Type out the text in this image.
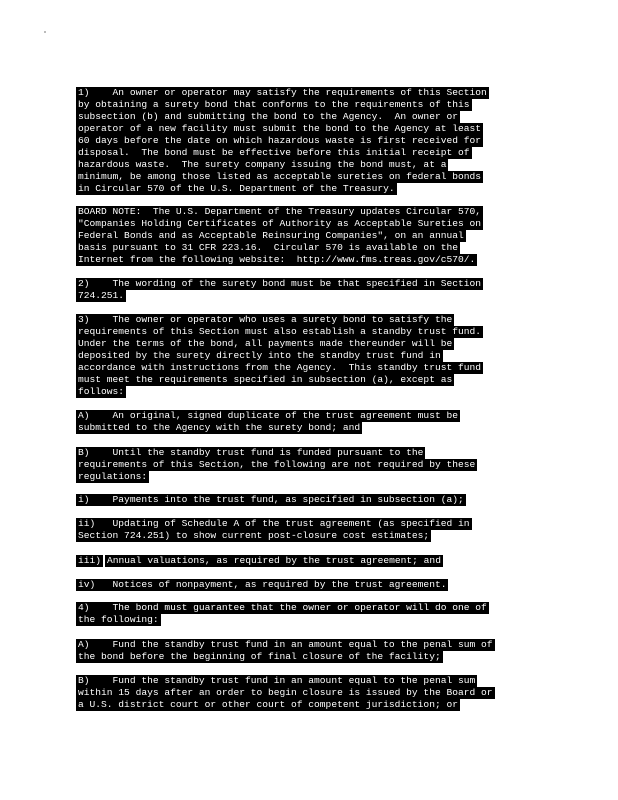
1)    An owner or operator may satisfy the requirements of this Section
by obtaining a surety bond that conforms to the requirements of this
subsection (b) and submitting the bond to the Agency.  An owner or
operator of a new facility must submit the bond to the Agency at least
60 days before the date on which hazardous waste is first received for
disposal.  The bond must be effective before this initial receipt of
hazardous waste.  The surety company issuing the bond must, at a
minimum, be among those listed as acceptable sureties on federal bonds
in Circular 570 of the U.S. Department of the Treasury.
BOARD NOTE:  The U.S. Department of the Treasury updates Circular 570,
"Companies Holding Certificates of Authority as Acceptable Sureties on
Federal Bonds and as Acceptable Reinsuring Companies", on an annual
basis pursuant to 31 CFR 223.16.  Circular 570 is available on the
Internet from the following website:  http://www.fms.treas.gov/c570/.
2)    The wording of the surety bond must be that specified in Section
724.251.
3)    The owner or operator who uses a surety bond to satisfy the
requirements of this Section must also establish a standby trust fund.
Under the terms of the bond, all payments made thereunder will be
deposited by the surety directly into the standby trust fund in
accordance with instructions from the Agency.  This standby trust fund
must meet the requirements specified in subsection (a), except as
follows:
A)    An original, signed duplicate of the trust agreement must be
submitted to the Agency with the surety bond; and
B)    Until the standby trust fund is funded pursuant to the
requirements of this Section, the following are not required by these
regulations:
i)    Payments into the trust fund, as specified in subsection (a);
ii)   Updating of Schedule A of the trust agreement (as specified in
Section 724.251) to show current post-closure cost estimates;
iii) Annual valuations, as required by the trust agreement; and
iv)   Notices of nonpayment, as required by the trust agreement.
4)    The bond must guarantee that the owner or operator will do one of
the following:
A)    Fund the standby trust fund in an amount equal to the penal sum of
the bond before the beginning of final closure of the facility;
B)    Fund the standby trust fund in an amount equal to the penal sum
within 15 days after an order to begin closure is issued by the Board or
a U.S. district court or other court of competent jurisdiction; or
